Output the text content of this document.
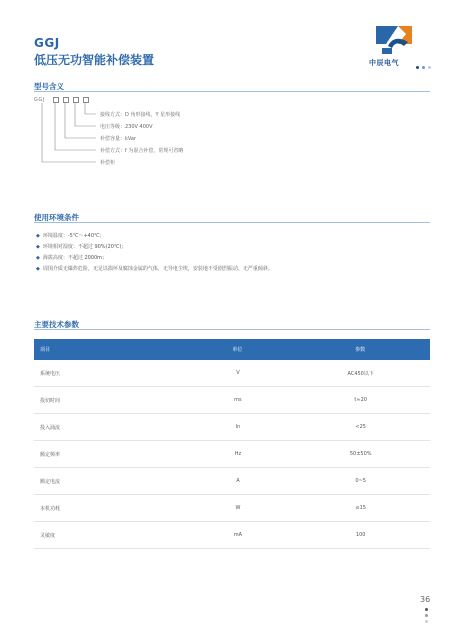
GGJ
低压无功智能补偿装置	中辰电气
型号含义
GGJ
接线方式：D 角形接线，Y 星形接线
电压等级：230V 400V
补偿容量：kVar
补偿方式：f 为混合补偿，常规可省略
补偿柜
使用环境条件
◆ 环境温度：-5℃～+40℃；
◆ 环境相对湿度：不超过 90%(20℃)；
◆ 海拔高度：不超过 2000m；
◆ 周围介质无爆炸危险，无足以损坏及腐蚀金属的气体，无导电尘埃，安装地不受剧烈振动、无严重倾斜。
主要技术参数
项目	单位	参数
系统电压	V	AC450以下
投切时间	ms	t≈20
投入涌流	In	<25
额定频率	Hz	50±50%
额定电流	A	0~5
本机功耗	W	≤15
灵敏度	mA	100
36
